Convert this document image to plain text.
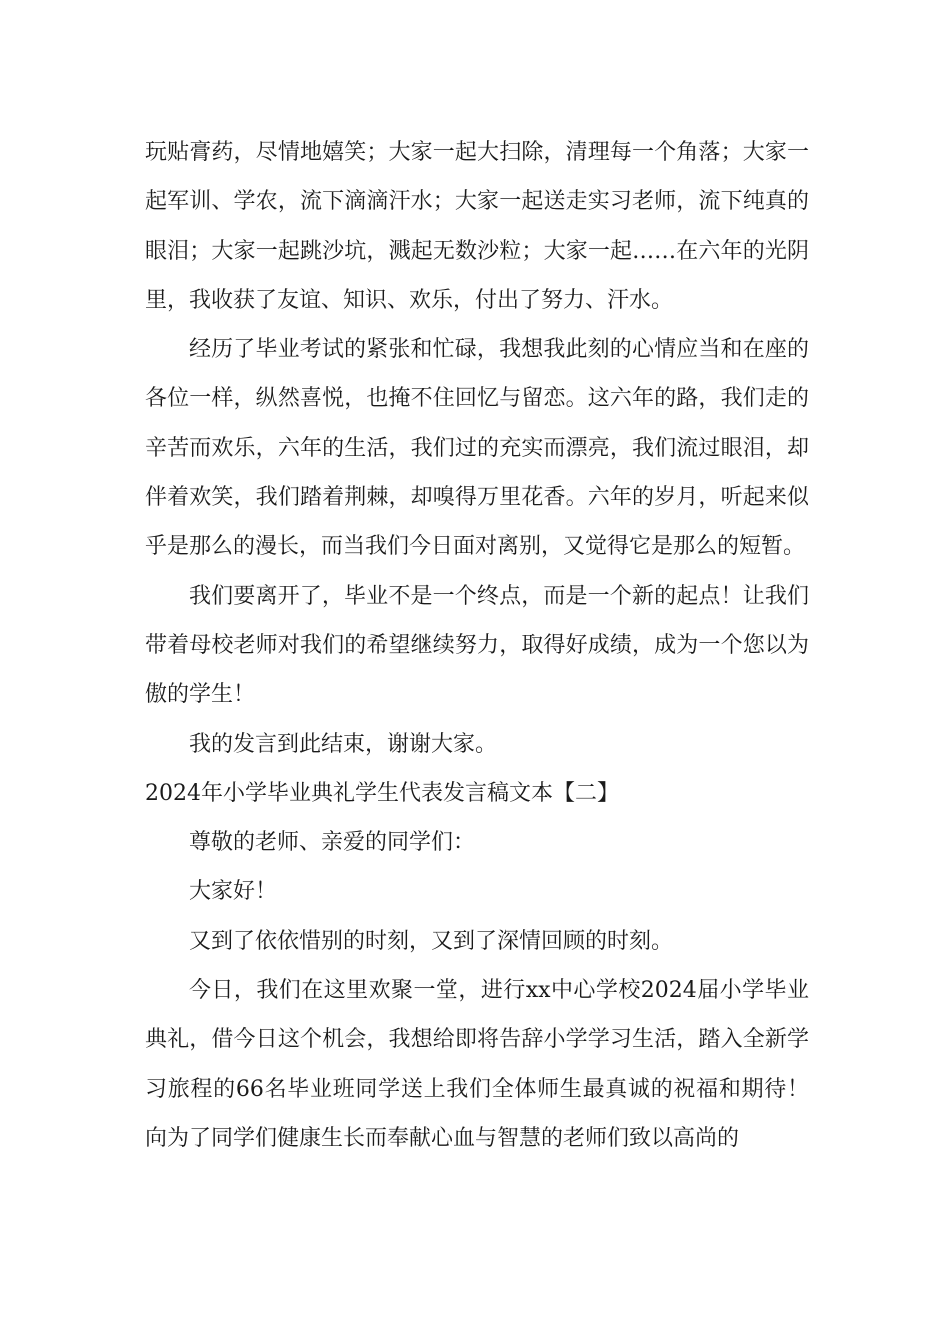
玩贴膏药，尽情地嬉笑；大家一起大扫除，清理每一个角落；大家一起军训、学农，流下滴滴汗水；大家一起送走实习老师，流下纯真的眼泪；大家一起跳沙坑，溅起无数沙粒；大家一起……在六年的光阴里，我收获了友谊、知识、欢乐，付出了努力、汗水。

经历了毕业考试的紧张和忙碌，我想我此刻的心情应当和在座的各位一样，纵然喜悦，也掩不住回忆与留恋。这六年的路，我们走的辛苦而欢乐，六年的生活，我们过的充实而漂亮，我们流过眼泪，却伴着欢笑，我们踏着荆棘，却嗅得万里花香。六年的岁月，听起来似乎是那么的漫长，而当我们今日面对离别，又觉得它是那么的短暂。

我们要离开了，毕业不是一个终点，而是一个新的起点！让我们带着母校老师对我们的希望继续努力，取得好成绩，成为一个您以为傲的学生！

我的发言到此结束，谢谢大家。

2024年小学毕业典礼学生代表发言稿文本【二】

尊敬的老师、亲爱的同学们：

大家好！

又到了依依惜别的时刻，又到了深情回顾的时刻。

今日，我们在这里欢聚一堂，进行xx中心学校2024届小学毕业典礼，借今日这个机会，我想给即将告辞小学学习生活，踏入全新学习旅程的66名毕业班同学送上我们全体师生最真诚的祝福和期待！向为了同学们健康生长而奉献心血与智慧的老师们致以高尚的
